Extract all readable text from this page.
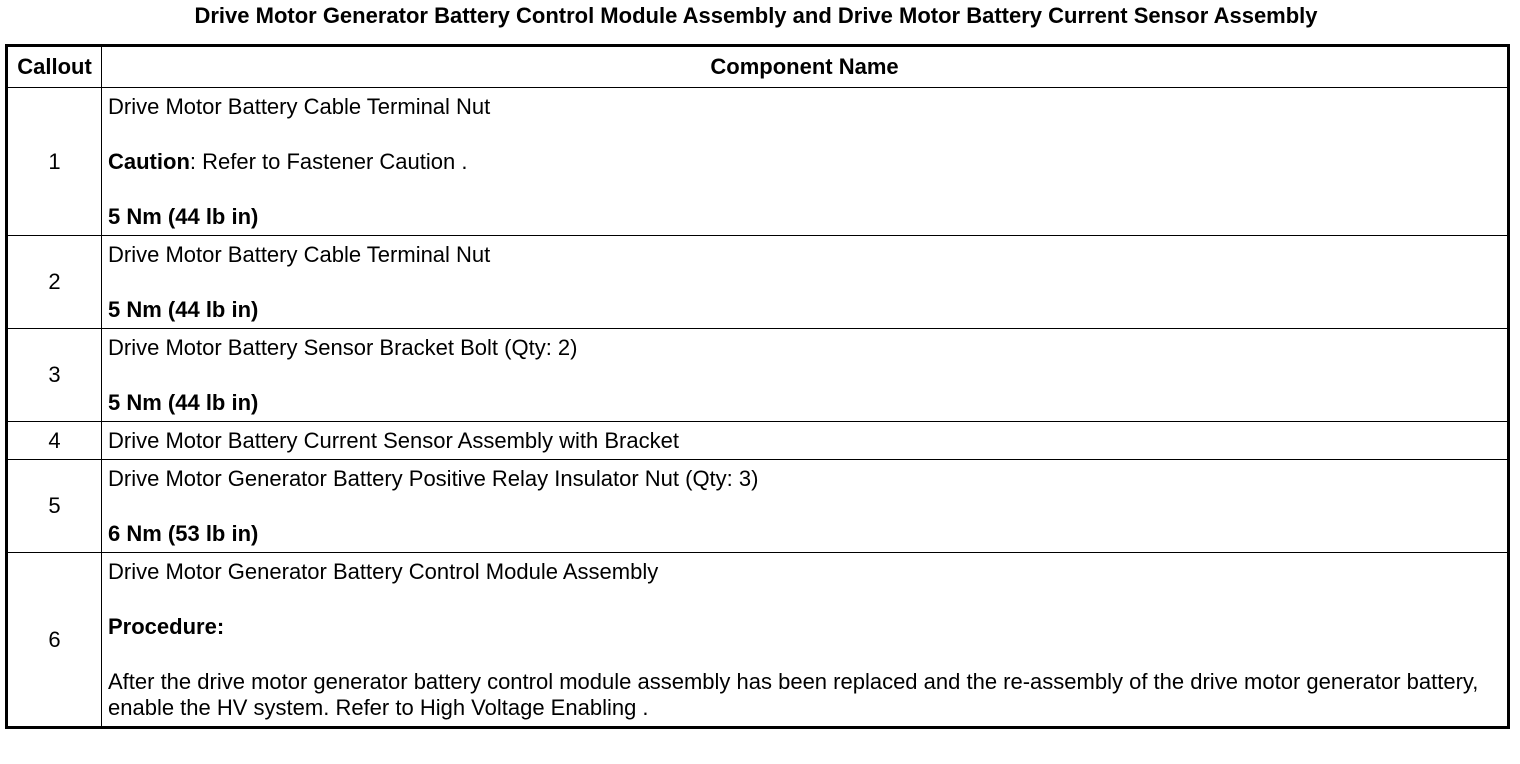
Drive Motor Generator Battery Control Module Assembly and Drive Motor Battery Current Sensor Assembly
Callout	Component Name
1	Drive Motor Battery Cable Terminal Nut
Caution: Refer to Fastener Caution .
5 Nm (44 lb in)

2	Drive Motor Battery Cable Terminal Nut
5 Nm (44 lb in)

3	Drive Motor Battery Sensor Bracket Bolt (Qty: 2)
5 Nm (44 lb in)

4	Drive Motor Battery Current Sensor Assembly with Bracket

5	Drive Motor Generator Battery Positive Relay Insulator Nut (Qty: 3)
6 Nm (53 lb in)

6	Drive Motor Generator Battery Control Module Assembly
Procedure:
After the drive motor generator battery control module assembly has been replaced and the re-assembly of the drive motor generator battery, enable the HV system. Refer to High Voltage Enabling .
